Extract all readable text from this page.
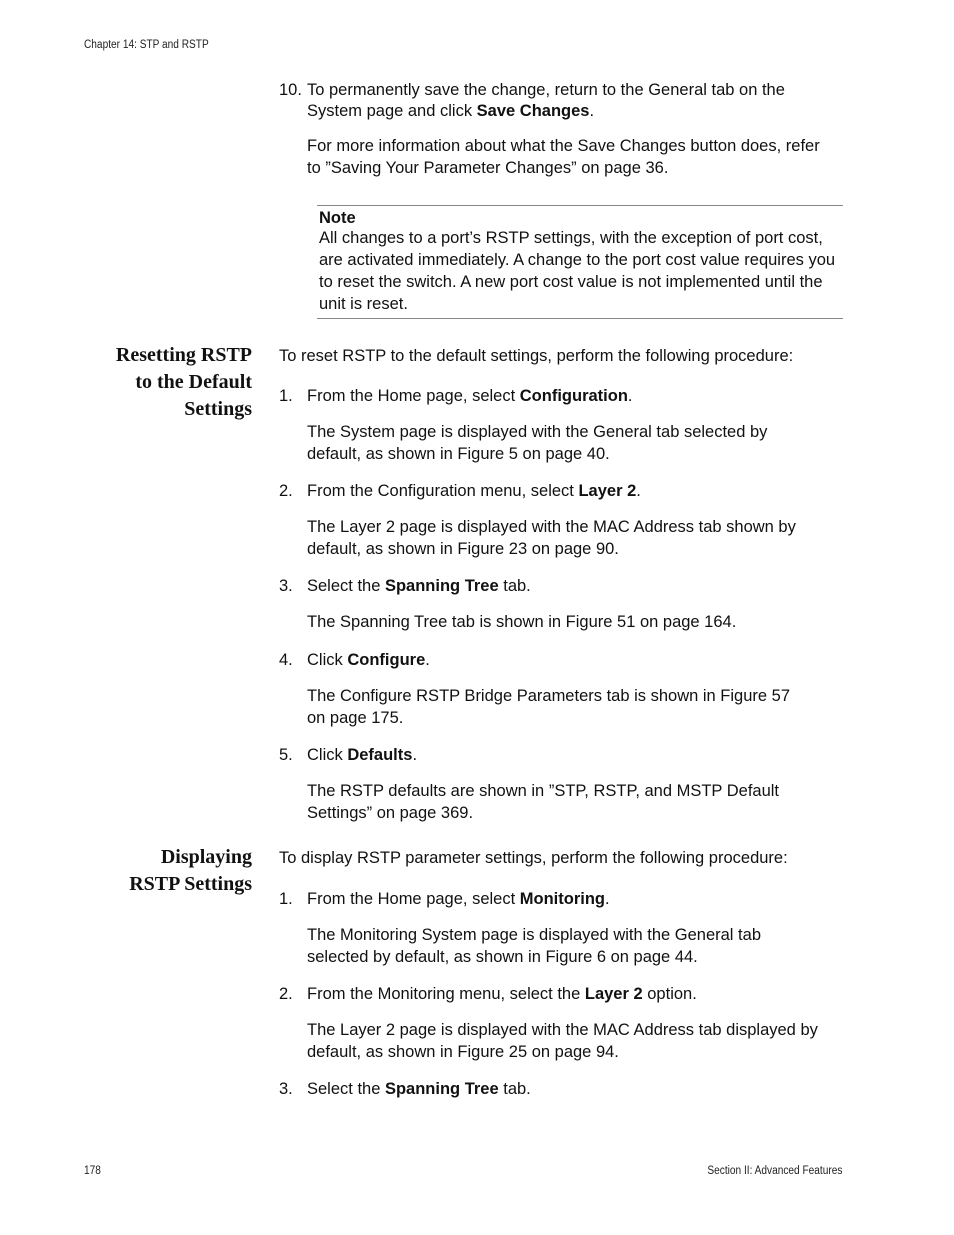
Chapter 14: STP and RSTP
10. To permanently save the change, return to the General tab on the
System page and click Save Changes.
For more information about what the Save Changes button does, refer to ”Saving Your Parameter Changes” on page 36.
Note
All changes to a port’s RSTP settings, with the exception of port cost, are activated immediately. A change to the port cost value requires you to reset the switch. A new port cost value is not implemented until the unit is reset.
Resetting RSTP
to the Default
Settings
To reset RSTP to the default settings, perform the following procedure:
1. From the Home page, select Configuration.
The System page is displayed with the General tab selected by default, as shown in Figure 5 on page 40.
2. From the Configuration menu, select Layer 2.
The Layer 2 page is displayed with the MAC Address tab shown by default, as shown in Figure 23 on page 90.
3. Select the Spanning Tree tab.
The Spanning Tree tab is shown in Figure 51 on page 164.
4. Click Configure.
The Configure RSTP Bridge Parameters tab is shown in Figure 57 on page 175.
5. Click Defaults.
The RSTP defaults are shown in ”STP, RSTP, and MSTP Default Settings” on page 369.
Displaying
RSTP Settings
To display RSTP parameter settings, perform the following procedure:
1. From the Home page, select Monitoring.
The Monitoring System page is displayed with the General tab selected by default, as shown in Figure 6 on page 44.
2. From the Monitoring menu, select the Layer 2 option.
The Layer 2 page is displayed with the MAC Address tab displayed by default, as shown in Figure 25 on page 94.
3. Select the Spanning Tree tab.
178	Section II: Advanced Features
